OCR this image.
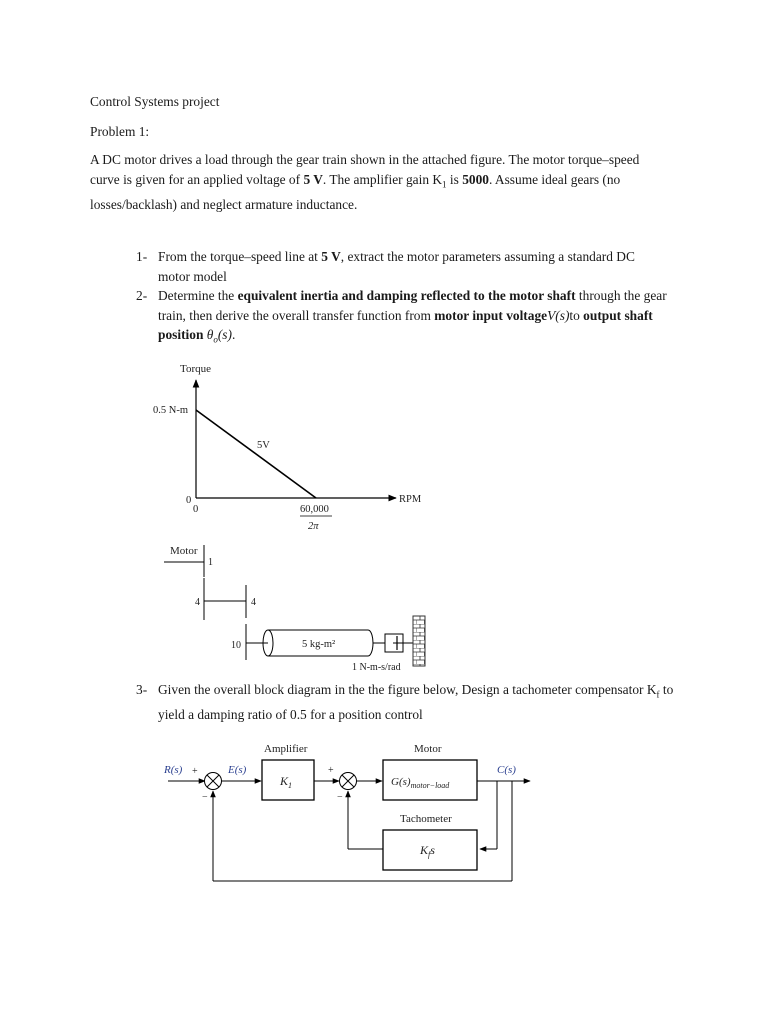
Control Systems project
Problem 1:
A DC motor drives a load through the gear train shown in the attached figure. The motor torque–speed curve is given for an applied voltage of 5 V. The amplifier gain $K_1$ is 5000. Assume ideal gears (no losses/backlash) and neglect armature inductance.
1- From the torque–speed line at 5 V, extract the motor parameters assuming a standard DC motor model
2- Determine the equivalent inertia and damping reflected to the motor shaft through the gear train, then derive the overall transfer function from motor input voltageV(s)to output shaft position $\theta_o(s)$.
3- Given the overall block diagram in the the figure below, Design a tachometer compensator $K_f$ to yield a damping ratio of 0.5 for a position control
Torque
0.5 N-m
5V
0
0
RPM
60,000
2π
Motor
1
4	4
10	5 kg-m²
1 N-m-s/rad
R(s) +
−
E(s)
Amplifier
$K_1$
+
−
Motor
$G(s)_{motor-load}$
C(s)
Tachometer
$K_fs$
